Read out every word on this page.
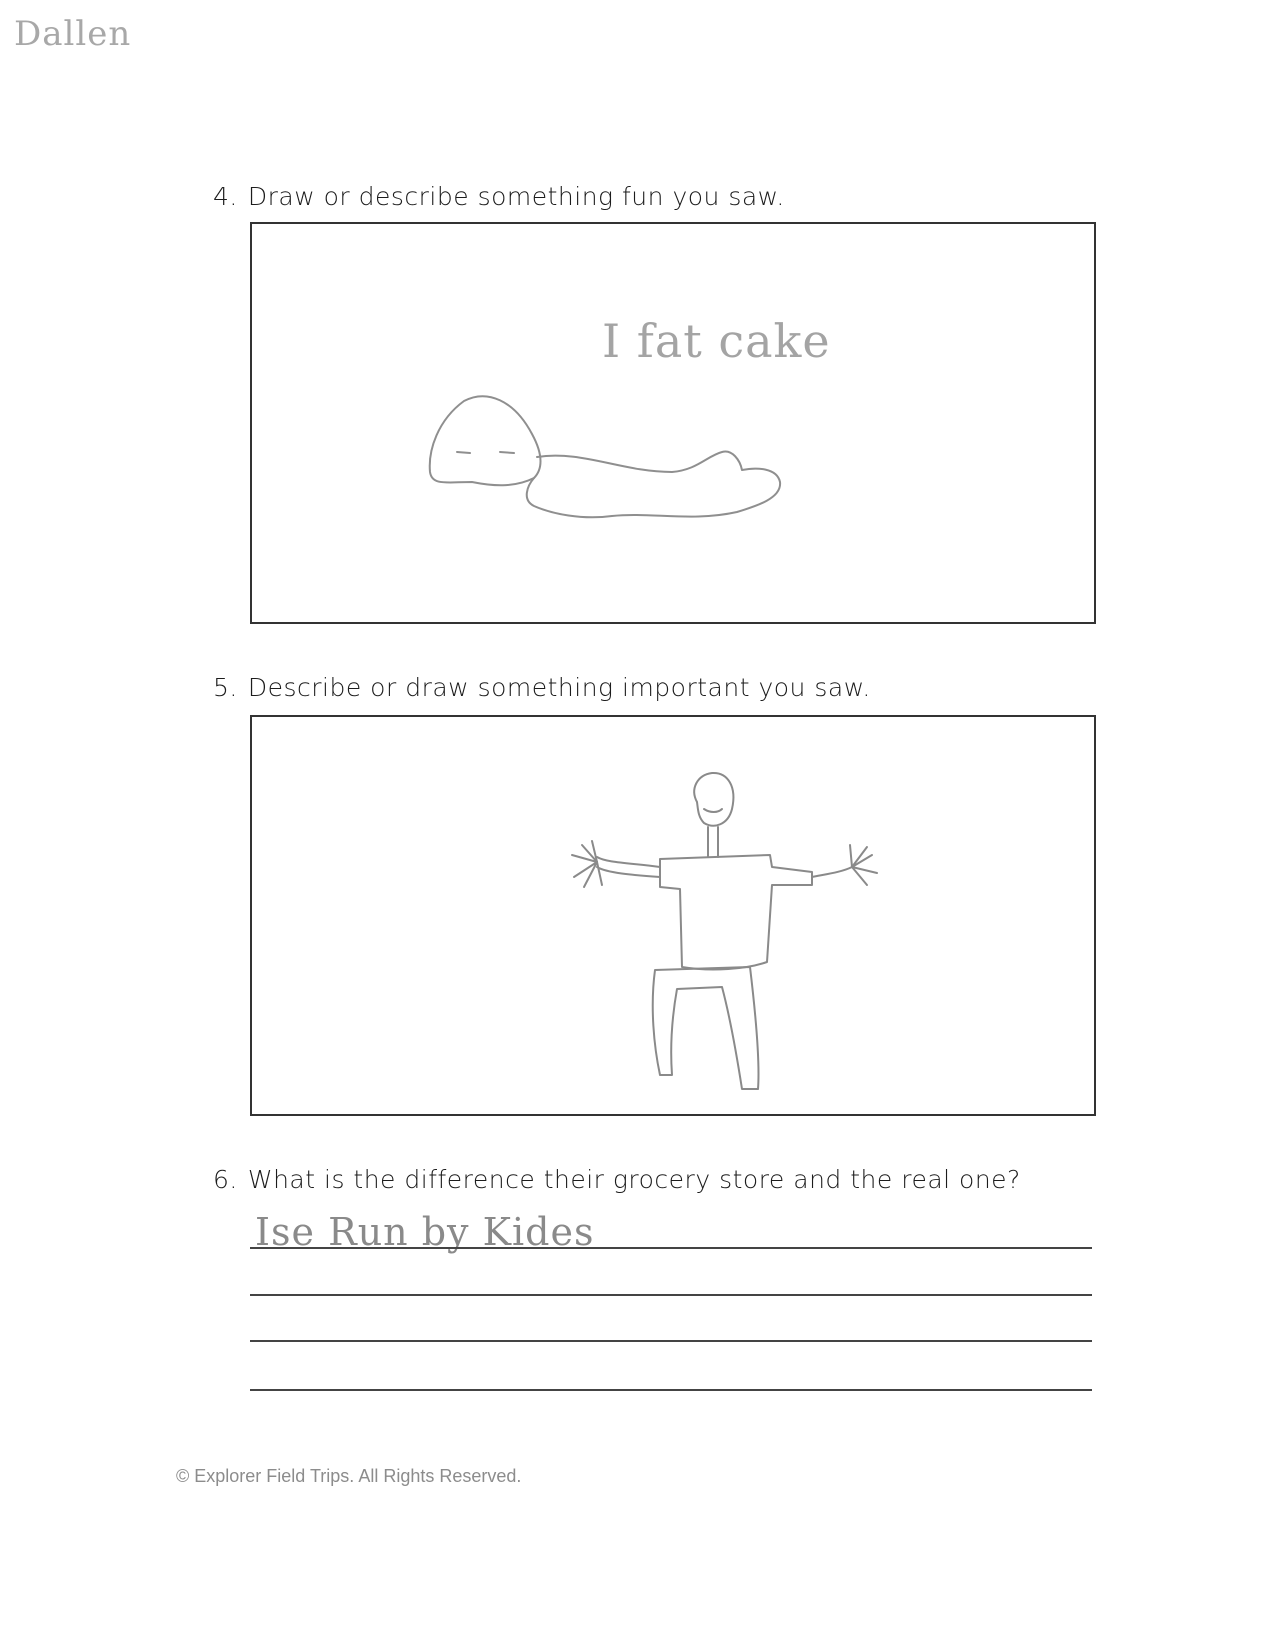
Dallen
4. Draw or describe something fun you saw.
I fat cake
5. Describe or draw something important you saw.
6. What is the difference their grocery store and the real one?
Ise Run by Kides
© Explorer Field Trips. All Rights Reserved.
